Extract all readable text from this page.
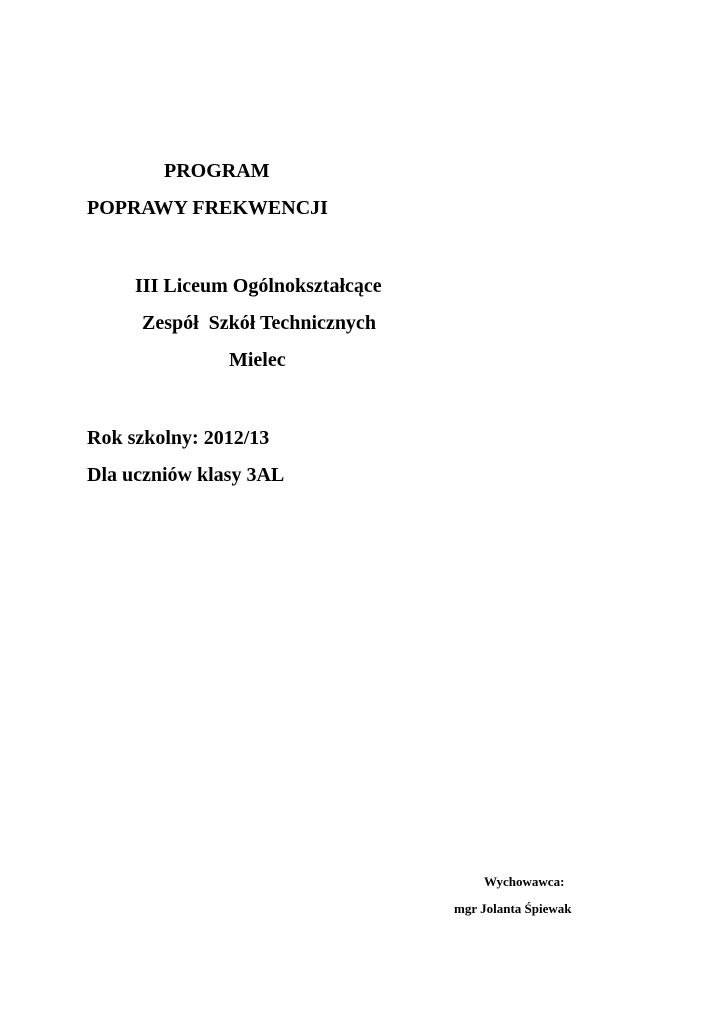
PROGRAM
POPRAWY FREKWENCJI

III Liceum Ogólnokształcące

Zespół  Szkół Technicznych

Mielec

Rok szkolny: 2012/13

Dla uczniów klasy 3AL

Wychowawca:
mgr Jolanta Śpiewak
